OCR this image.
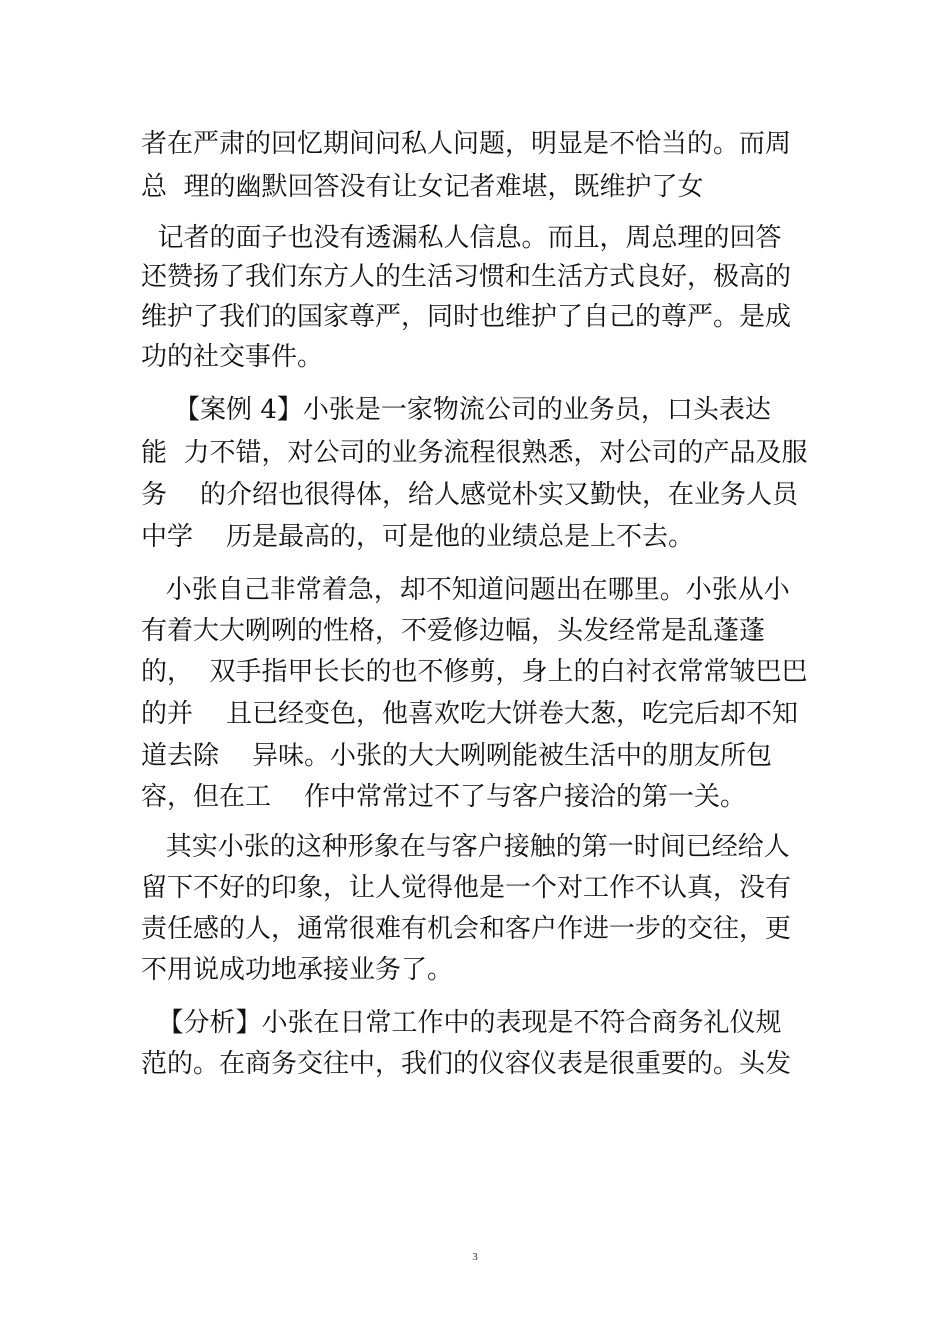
者在严肃的回忆期间问私人问题，明显是不恰当的。而周

总  理的幽默回答没有让女记者难堪，既维护了女

记者的面子也没有透漏私人信息。而且，周总理的回答

还赞扬了我们东方人的生活习惯和生活方式良好，极高的

维护了我们的国家尊严，同时也维护了自己的尊严。是成

功的社交事件。

【案例 4】小张是一家物流公司的业务员，口头表达

能  力不错，对公司的业务流程很熟悉，对公司的产品及服

务    的介绍也很得体，给人感觉朴实又勤快，在业务人员

中学    历是最高的，可是他的业绩总是上不去。

小张自己非常着急，却不知道问题出在哪里。小张从小

有着大大咧咧的性格，不爱修边幅，头发经常是乱蓬蓬

的，  双手指甲长长的也不修剪，身上的白衬衣常常皱巴巴

的并    且已经变色，他喜欢吃大饼卷大葱，吃完后却不知

道去除    异味。小张的大大咧咧能被生活中的朋友所包

容，但在工    作中常常过不了与客户接洽的第一关。

其实小张的这种形象在与客户接触的第一时间已经给人

留下不好的印象，让人觉得他是一个对工作不认真，没有

责任感的人，通常很难有机会和客户作进一步的交往，更

不用说成功地承接业务了。

【分析】小张在日常工作中的表现是不符合商务礼仪规

范的。在商务交往中，我们的仪容仪表是很重要的。头发

3
